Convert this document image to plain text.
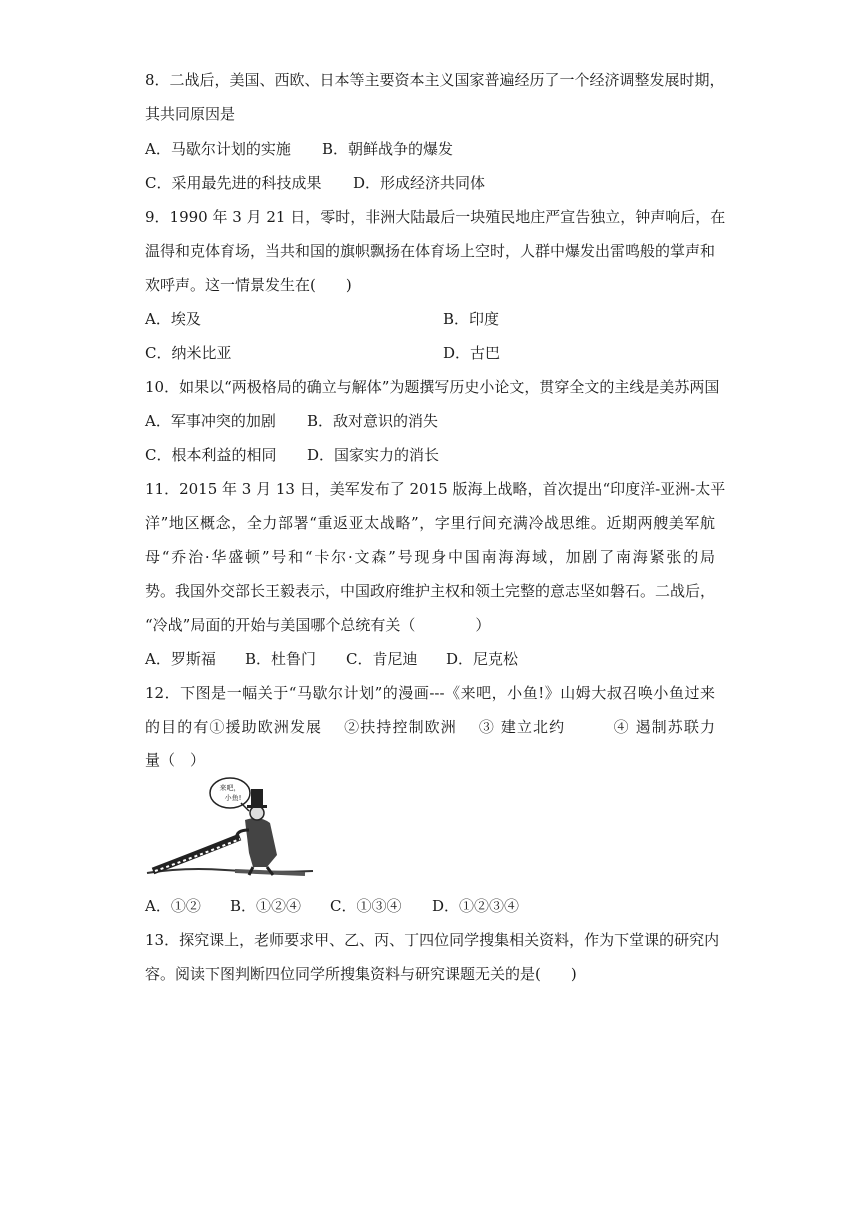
8．二战后，美国、西欧、日本等主要资本主义国家普遍经历了一个经济调整发展时期，
其共同原因是
A．马歇尔计划的实施 B．朝鲜战争的爆发
C．采用最先进的科技成果 D．形成经济共同体
9．1990 年 3 月 21 日，零时，非洲大陆最后一块殖民地庄严宣告独立，钟声响后，在
温得和克体育场，当共和国的旗帜飘扬在体育场上空时，人群中爆发出雷鸣般的掌声和
欢呼声。这一情景发生在(　　)
A．埃及	B．印度
C．纳米比亚	D．古巴
10．如果以“两极格局的确立与解体”为题撰写历史小论文，贯穿全文的主线是美苏两国
A．军事冲突的加剧 B．敌对意识的消失
C．根本利益的相同 D．国家实力的消长
11．2015 年 3 月 13 日，美军发布了 2015 版海上战略，首次提出“印度洋-亚洲-太平
洋”地区概念，全力部署“重返亚太战略”，字里行间充满冷战思维。近期两艘美军航
母“乔治·华盛顿”号和“卡尔·文森”号现身中国南海海域，加剧了南海紧张的局
势。我国外交部长王毅表示，中国政府维护主权和领土完整的意志坚如磐石。二战后，
“冷战”局面的开始与美国哪个总统有关（　　　　）
A．罗斯福 B．杜鲁门 C．肯尼迪 D．尼克松
12．下图是一幅关于“马歇尔计划”的漫画---《来吧，小鱼!》山姆大叔召唤小鱼过来
的目的有①援助欧洲发展　 ②扶持控制欧洲　 ③ 建立北约　　　④ 遏制苏联力
量（　）
来吧，
小鱼!
A．①② B．①②④ C．①③④ D．①②③④
13．探究课上，老师要求甲、乙、丙、丁四位同学搜集相关资料，作为下堂课的研究内
容。阅读下图判断四位同学所搜集资料与研究课题无关的是(　　)
